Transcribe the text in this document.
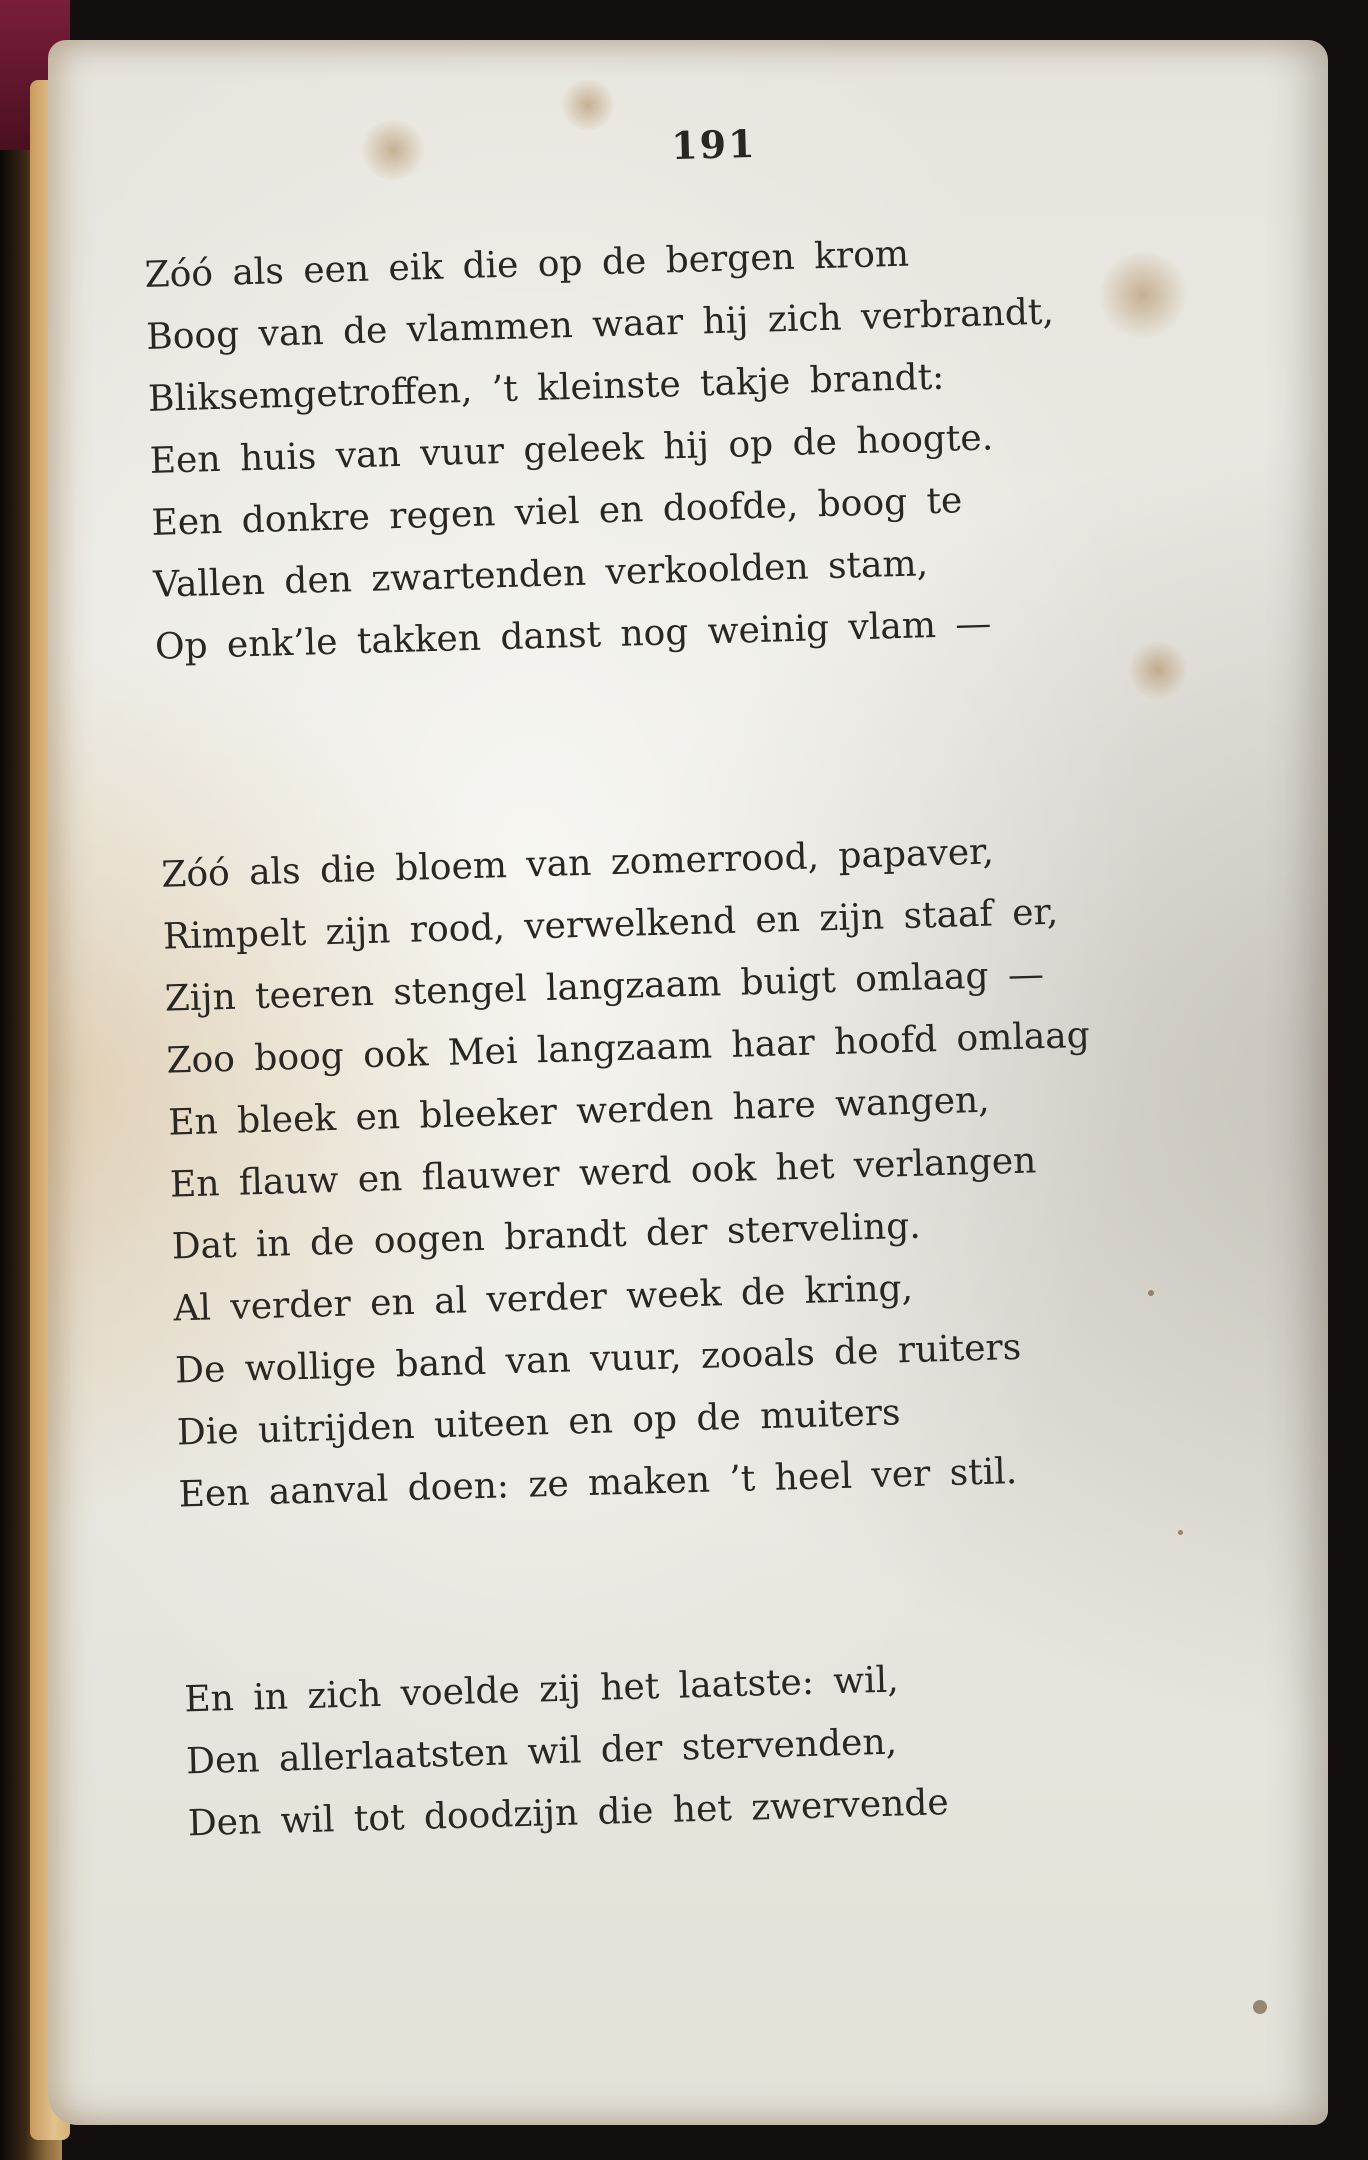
191
Zóó als een eik die op de bergen krom
Boog van de vlammen waar hij zich verbrandt,
Bliksemgetroffen, ’t kleinste takje brandt:
Een huis van vuur geleek hij op de hoogte.
Een donkre regen viel en doofde, boog te
Vallen den zwartenden verkoolden stam,
Op enk’le takken danst nog weinig vlam —
Zóó als die bloem van zomerrood, papaver,
Rimpelt zijn rood, verwelkend en zijn staaf er,
Zijn teeren stengel langzaam buigt omlaag —
Zoo boog ook Mei langzaam haar hoofd omlaag
En bleek en bleeker werden hare wangen,
En flauw en flauwer werd ook het verlangen
Dat in de oogen brandt der sterveling.
Al verder en al verder week de kring,
De wollige band van vuur, zooals de ruiters
Die uitrijden uiteen en op de muiters
Een aanval doen: ze maken ’t heel ver stil.
En in zich voelde zij het laatste: wil,
Den allerlaatsten wil der stervenden,
Den wil tot doodzijn die het zwervende
